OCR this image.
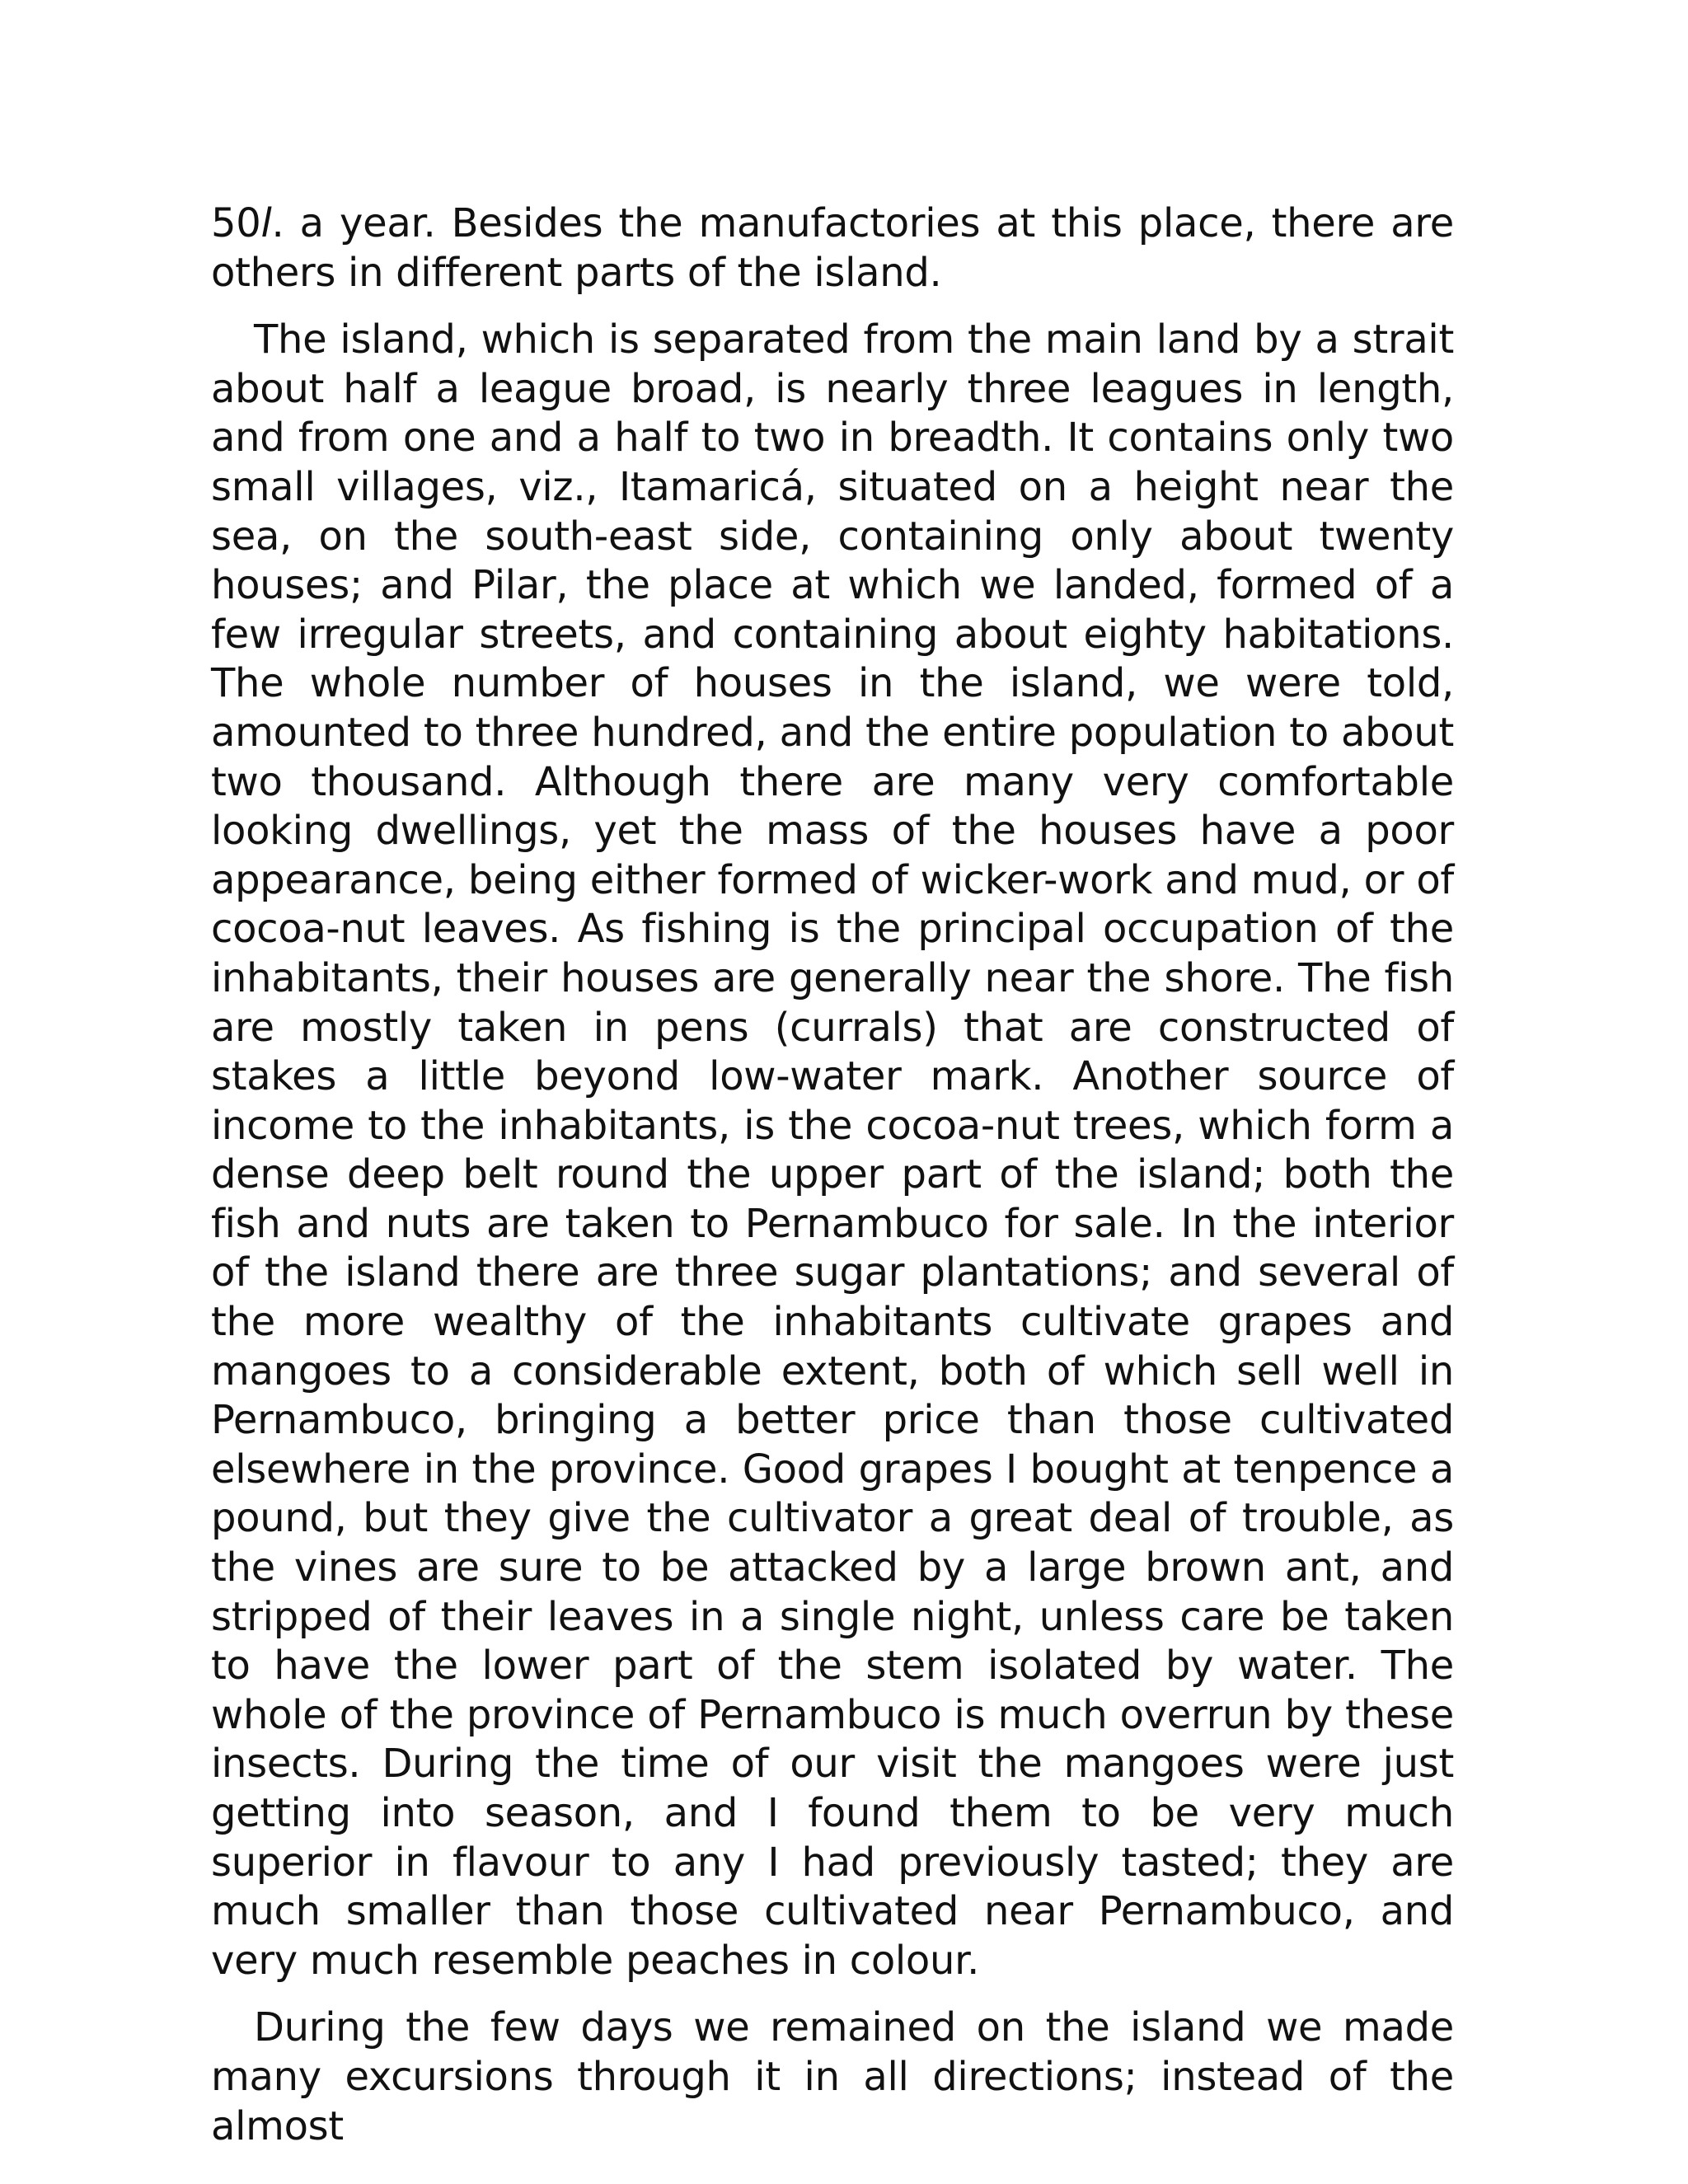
50l. a year. Besides the manufactories at this place, there are others in different parts of the island.

The island, which is separated from the main land by a strait about half a league broad, is nearly three leagues in length, and from one and a half to two in breadth. It contains only two small villages, viz., Itamaricá, situated on a height near the sea, on the south-east side, containing only about twenty houses; and Pilar, the place at which we landed, formed of a few irregular streets, and containing about eighty habitations. The whole number of houses in the island, we were told, amounted to three hundred, and the entire population to about two thousand. Although there are many very comfortable looking dwellings, yet the mass of the houses have a poor appearance, being either formed of wicker-work and mud, or of cocoa-nut leaves. As fishing is the principal occupation of the inhabitants, their houses are generally near the shore. The fish are mostly taken in pens (currals) that are constructed of stakes a little beyond low-water mark. Another source of income to the inhabitants, is the cocoa-nut trees, which form a dense deep belt round the upper part of the island; both the fish and nuts are taken to Pernambuco for sale. In the interior of the island there are three sugar plantations; and several of the more wealthy of the inhabitants cultivate grapes and mangoes to a considerable extent, both of which sell well in Pernambuco, bringing a better price than those cultivated elsewhere in the province. Good grapes I bought at tenpence a pound, but they give the cultivator a great deal of trouble, as the vines are sure to be attacked by a large brown ant, and stripped of their leaves in a single night, unless care be taken to have the lower part of the stem isolated by water. The whole of the province of Pernambuco is much overrun by these insects. During the time of our visit the mangoes were just getting into season, and I found them to be very much superior in flavour to any I had previously tasted; they are much smaller than those cultivated near Pernambuco, and very much resemble peaches in colour.

During the few days we remained on the island we made many excursions through it in all directions; instead of the almost
